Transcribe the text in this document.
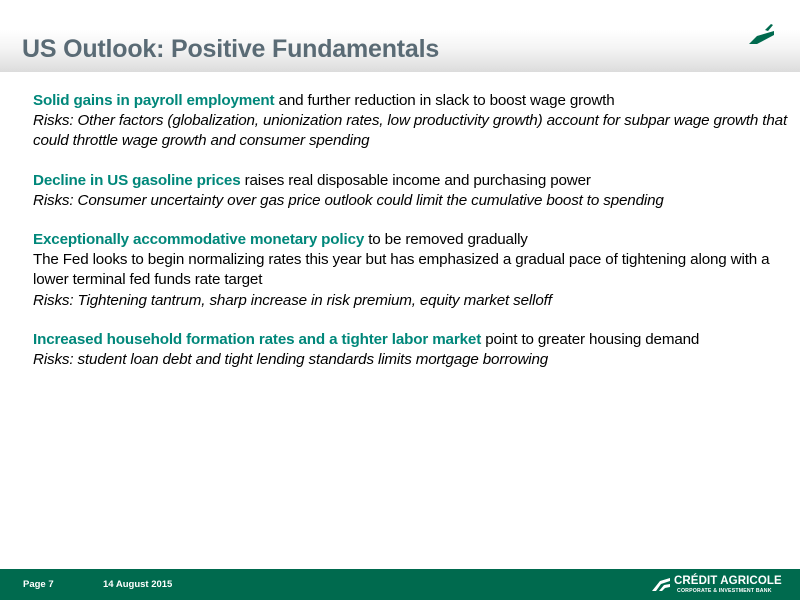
US Outlook: Positive Fundamentals
Solid gains in payroll employment and further reduction in slack to boost wage growth
Risks: Other factors (globalization, unionization rates, low productivity growth) account for subpar wage growth that could throttle wage growth and consumer spending
Decline in US gasoline prices raises real disposable income and purchasing power
Risks: Consumer uncertainty over gas price outlook could limit the cumulative boost to spending
Exceptionally accommodative monetary policy to be removed gradually
The Fed looks to begin normalizing rates this year but has emphasized a gradual pace of tightening along with a lower terminal fed funds rate target
Risks: Tightening tantrum, sharp increase in risk premium, equity market selloff
Increased household formation rates and a tighter labor market point to greater housing demand
Risks: student loan debt and tight lending standards limits mortgage borrowing
Page 7	14 August 2015	CRÉDIT AGRICOLE
CORPORATE & INVESTMENT BANK
